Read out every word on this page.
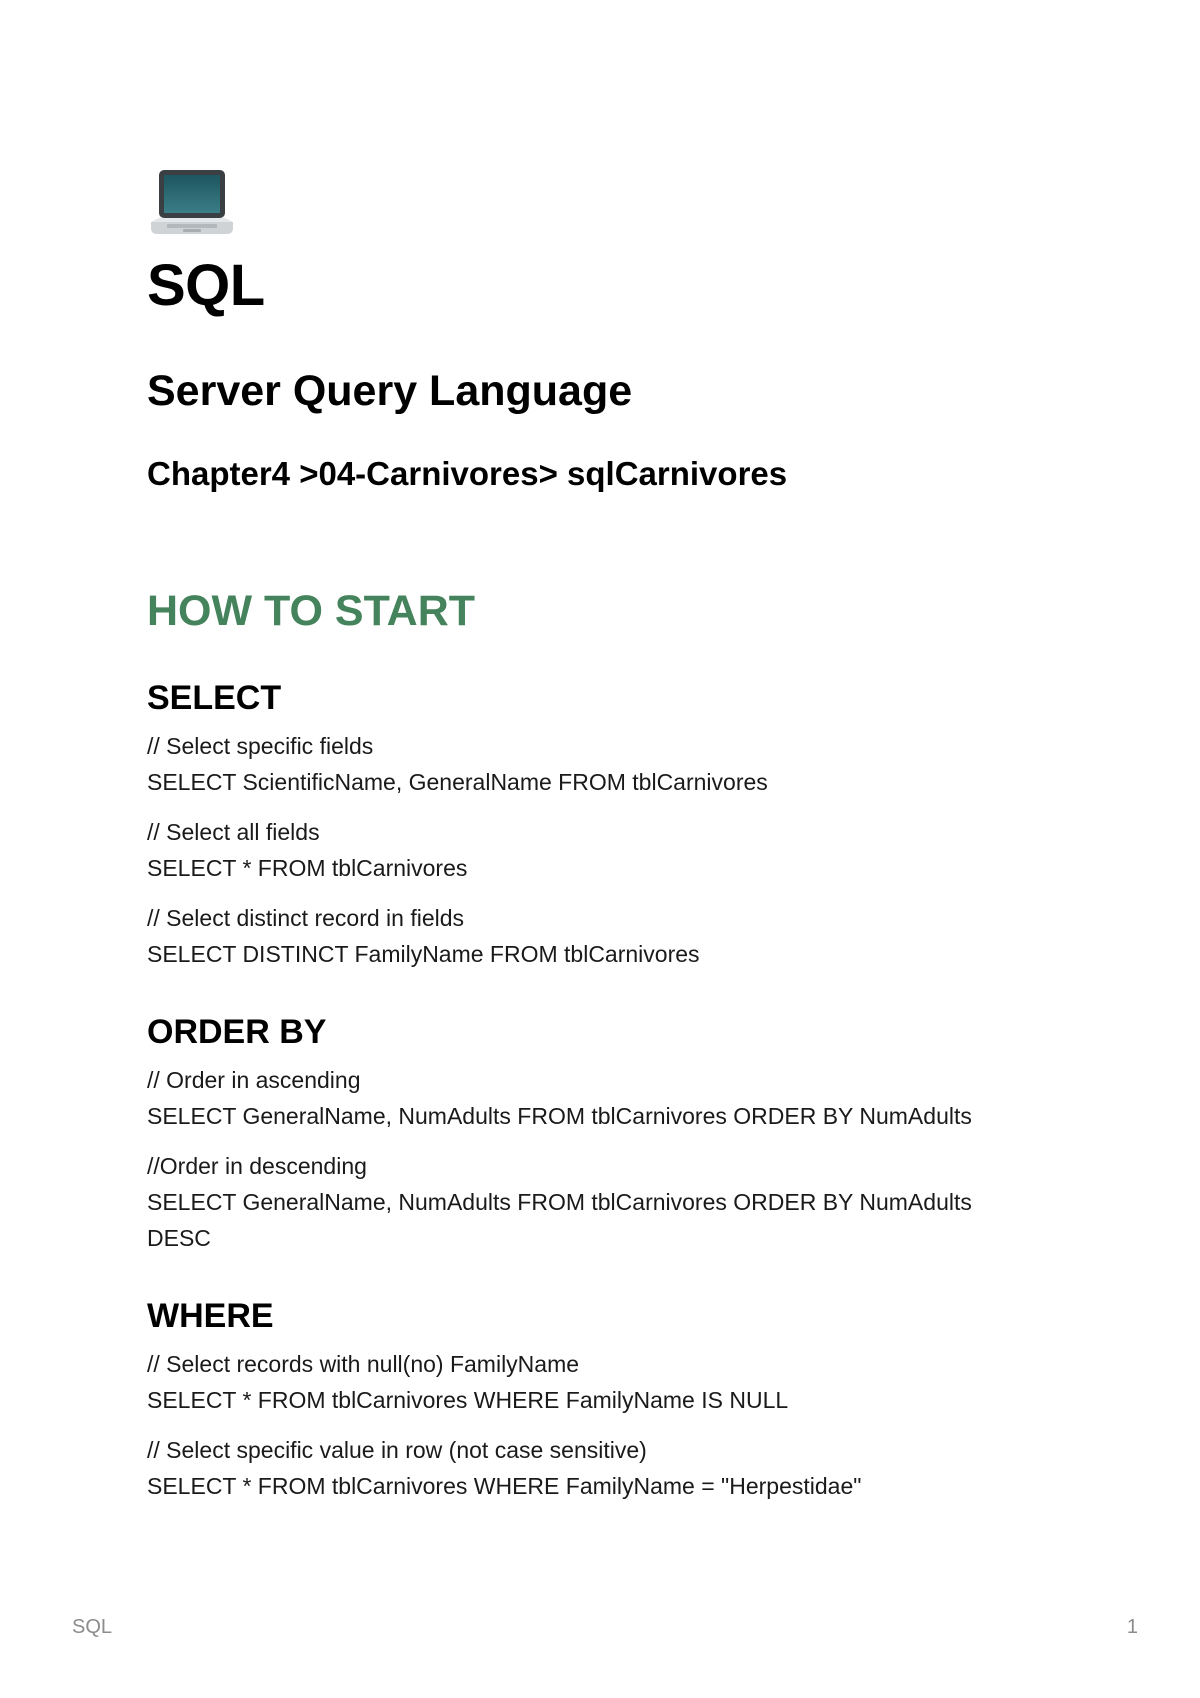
SQL
Server Query Language
Chapter4 >04-Carnivores> sqlCarnivores
HOW TO START
SELECT
// Select specific fields
SELECT ScientificName, GeneralName FROM tblCarnivores
// Select all fields
SELECT * FROM tblCarnivores
// Select distinct record in fields
SELECT DISTINCT FamilyName FROM tblCarnivores
ORDER BY
// Order in ascending
SELECT GeneralName, NumAdults FROM tblCarnivores ORDER BY NumAdults
//Order in descending
SELECT GeneralName, NumAdults FROM tblCarnivores ORDER BY NumAdults DESC
WHERE
// Select records with null(no) FamilyName
SELECT * FROM tblCarnivores WHERE FamilyName IS NULL
// Select specific value in row (not case sensitive)
SELECT * FROM tblCarnivores WHERE FamilyName = "Herpestidae"
SQL	1
